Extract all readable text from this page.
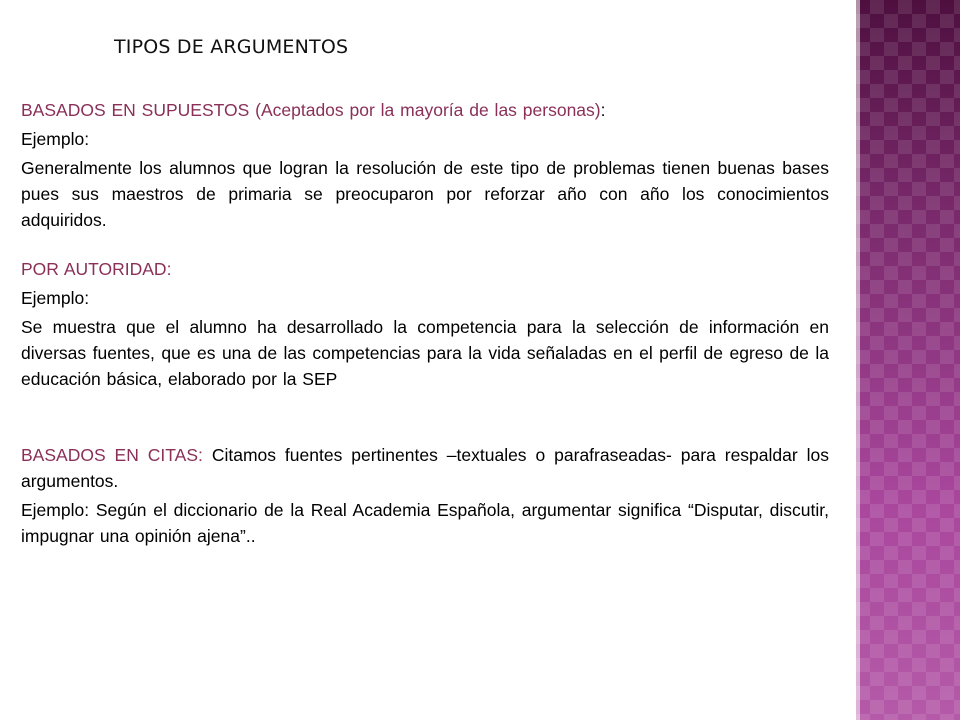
TIPOS DE ARGUMENTOS

BASADOS EN SUPUESTOS (Aceptados por la mayoría de las personas):

Ejemplo:

Generalmente los alumnos que logran la resolución de este tipo de problemas tienen buenas bases pues sus maestros de primaria se preocuparon por reforzar año con año los conocimientos adquiridos.

POR AUTORIDAD:

Ejemplo:

Se muestra que el alumno ha desarrollado la competencia para la selección de información en diversas fuentes, que es una de las competencias para la vida señaladas en el perfil de egreso de la educación básica, elaborado por la SEP

BASADOS EN CITAS: Citamos fuentes pertinentes –textuales o parafraseadas- para respaldar los argumentos.

Ejemplo: Según el diccionario de la Real Academia Española, argumentar significa “Disputar, discutir, impugnar una opinión ajena”..
